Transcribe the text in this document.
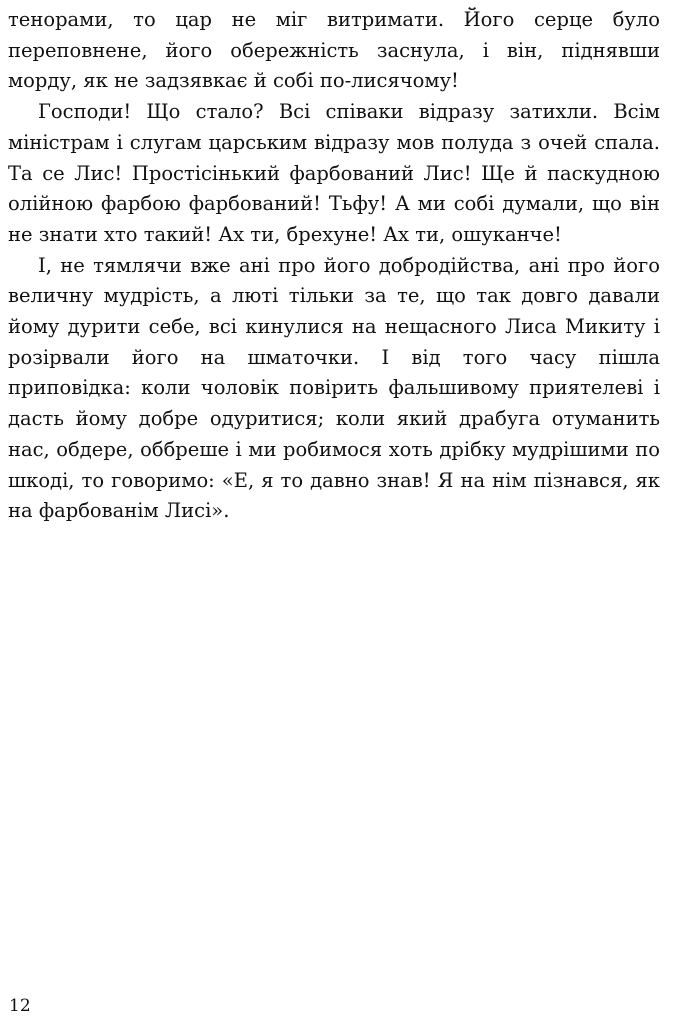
тенорами, то цар не міг витримати. Його серце було переповнене, його обережність заснула, і він, піднявши морду, як не задзявкає й собі по-лисячому!

Господи! Що стало? Всі співаки відразу затихли. Всім міністрам і слугам царським відразу мов полуда з очей спала. Та се Лис! Простісінький фарбований Лис! Ще й паскудною олійною фарбою фарбований! Тьфу! А ми собі думали, що він не знати хто такий! Ах ти, брехуне! Ах ти, ошуканче!

І, не тямлячи вже ані про його добродійства, ані про його величну мудрість, а люті тільки за те, що так довго давали йому дурити себе, всі кинулися на нещасного Лиса Микиту і розірвали його на шматочки. І від того часу пішла приповідка: коли чоловік повірить фальшивому приятелеві і дасть йому добре одуритися; коли який драбуга отуманить нас, обдере, оббреше і ми робимося хоть дрібку мудрішими по шкоді, то говоримо: «Е, я то давно знав! Я на нім пізнався, як на фарбованім Лисі».

12
